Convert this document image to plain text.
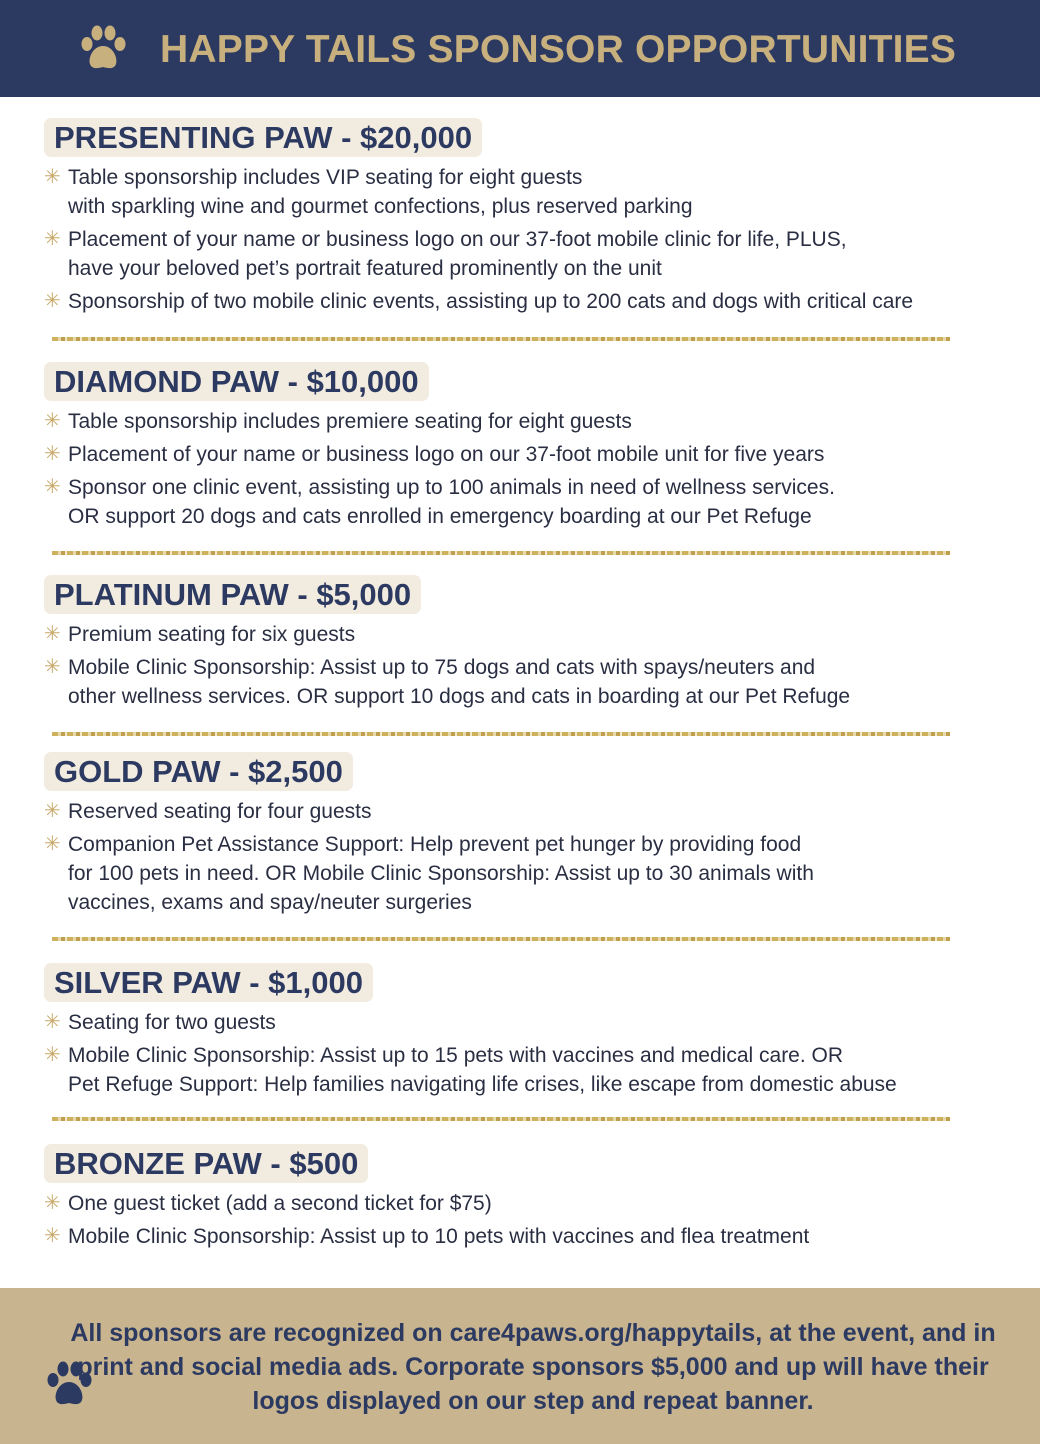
HAPPY TAILS SPONSOR OPPORTUNITIES
PRESENTING PAW - $20,000
✳ Table sponsorship includes VIP seating for eight guests
with sparkling wine and gourmet confections, plus reserved parking
✳ Placement of your name or business logo on our 37-foot mobile clinic for life, PLUS,
have your beloved pet’s portrait featured prominently on the unit
✳ Sponsorship of two mobile clinic events, assisting up to 200 cats and dogs with critical care
DIAMOND PAW - $10,000
✳ Table sponsorship includes premiere seating for eight guests
✳ Placement of your name or business logo on our 37-foot mobile unit for five years
✳ Sponsor one clinic event, assisting up to 100 animals in need of wellness services.
OR support 20 dogs and cats enrolled in emergency boarding at our Pet Refuge
PLATINUM PAW - $5,000
✳ Premium seating for six guests
✳ Mobile Clinic Sponsorship: Assist up to 75 dogs and cats with spays/neuters and
other wellness services. OR support 10 dogs and cats in boarding at our Pet Refuge
GOLD PAW - $2,500
✳ Reserved seating for four guests
✳ Companion Pet Assistance Support: Help prevent pet hunger by providing food
for 100 pets in need. OR Mobile Clinic Sponsorship: Assist up to 30 animals with
vaccines, exams and spay/neuter surgeries
SILVER PAW - $1,000
✳ Seating for two guests
✳ Mobile Clinic Sponsorship: Assist up to 15 pets with vaccines and medical care. OR
Pet Refuge Support: Help families navigating life crises, like escape from domestic abuse
BRONZE PAW - $500
✳ One guest ticket (add a second ticket for $75)
✳ Mobile Clinic Sponsorship: Assist up to 10 pets with vaccines and flea treatment
All sponsors are recognized on care4paws.org/happytails, at the event, and in print and social media ads. Corporate sponsors $5,000 and up will have their logos displayed on our step and repeat banner.
